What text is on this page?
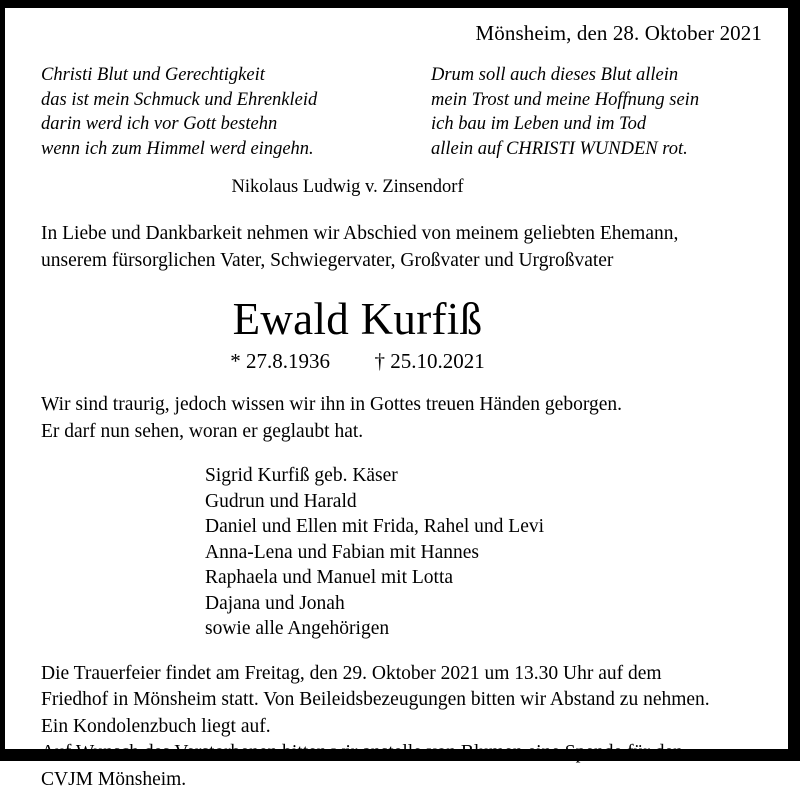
Mönsheim, den 28. Oktober 2021
Christi Blut und Gerechtigkeit
das ist mein Schmuck und Ehrenkleid
darin werd ich vor Gott bestehn
wenn ich zum Himmel werd eingehn.
Drum soll auch dieses Blut allein
mein Trost und meine Hoffnung sein
ich bau im Leben und im Tod
allein auf CHRISTI WUNDEN rot.
Nikolaus Ludwig v. Zinsendorf
In Liebe und Dankbarkeit nehmen wir Abschied von meinem geliebten Ehemann,
unserem fürsorglichen Vater, Schwiegervater, Großvater und Urgroßvater
Ewald Kurfiß
* 27.8.1936 † 25.10.2021
Wir sind traurig, jedoch wissen wir ihn in Gottes treuen Händen geborgen.
Er darf nun sehen, woran er geglaubt hat.
Sigrid Kurfiß geb. Käser
Gudrun und Harald
Daniel und Ellen mit Frida, Rahel und Levi
Anna-Lena und Fabian mit Hannes
Raphaela und Manuel mit Lotta
Dajana und Jonah
sowie alle Angehörigen
Die Trauerfeier findet am Freitag, den 29. Oktober 2021 um 13.30 Uhr auf dem
Friedhof in Mönsheim statt. Von Beileidsbezeugungen bitten wir Abstand zu nehmen.
Ein Kondolenzbuch liegt auf.
Auf Wunsch des Verstorbenen bitten wir anstelle von Blumen eine Spende für den
CVJM Mönsheim.
